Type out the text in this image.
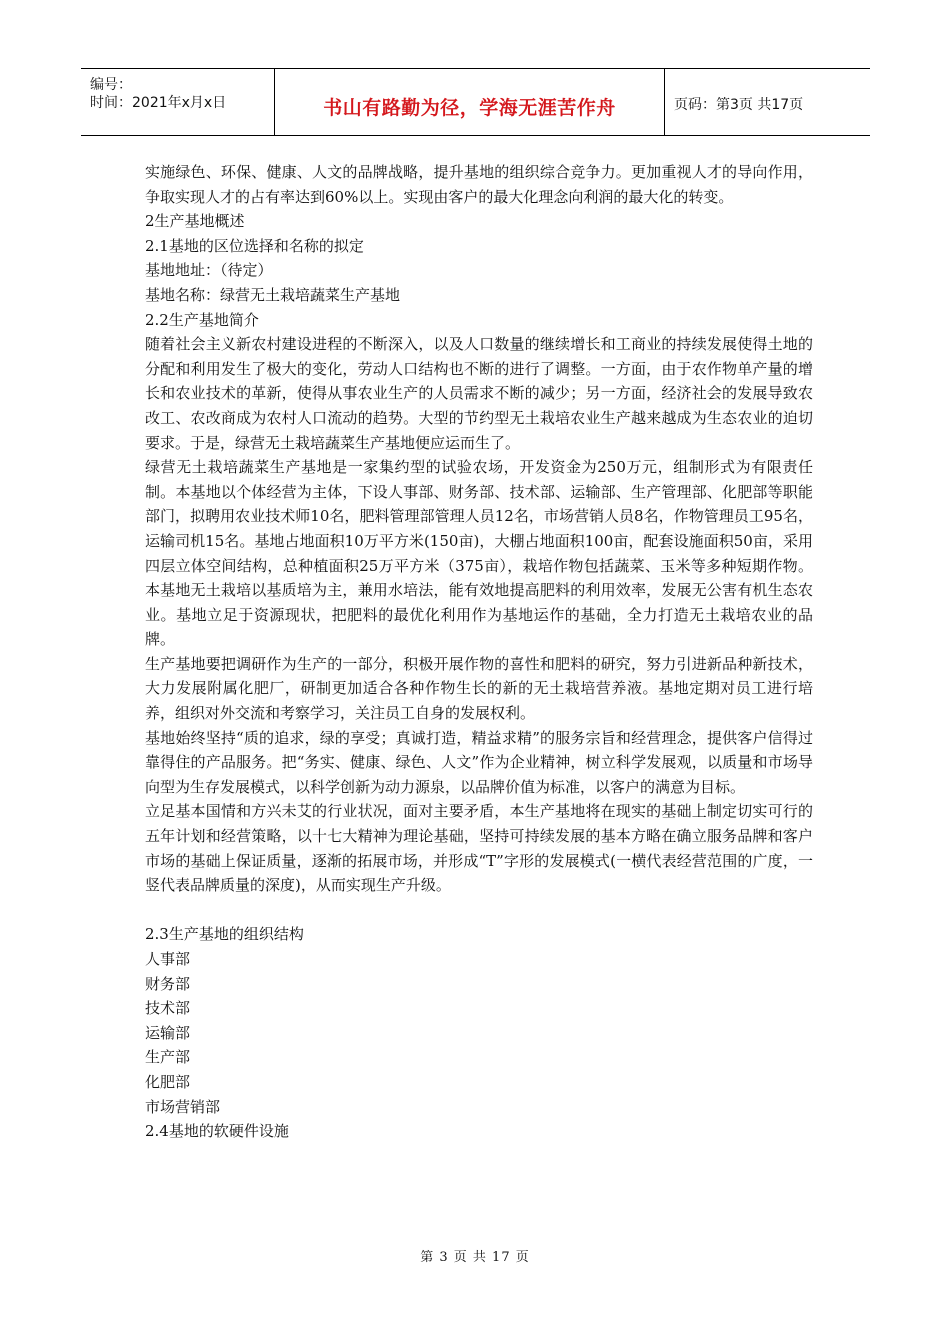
编号：
时间：2021年x月x日	书山有路勤为径，学海无涯苦作舟	页码：第3页 共17页

实施绿色、环保、健康、人文的品牌战略，提升基地的组织综合竞争力。更加重视人才的导向作用，争取实现人才的占有率达到60%以上。实现由客户的最大化理念向利润的最大化的转变。

2生产基地概述

2.1基地的区位选择和名称的拟定

基地地址：（待定）

基地名称：绿营无土栽培蔬菜生产基地

2.2生产基地简介

随着社会主义新农村建设进程的不断深入，以及人口数量的继续增长和工商业的持续发展使得土地的分配和利用发生了极大的变化，劳动人口结构也不断的进行了调整。一方面，由于农作物单产量的增长和农业技术的革新，使得从事农业生产的人员需求不断的减少；另一方面，经济社会的发展导致农改工、农改商成为农村人口流动的趋势。大型的节约型无土栽培农业生产越来越成为生态农业的迫切要求。于是，绿营无土栽培蔬菜生产基地便应运而生了。

绿营无土栽培蔬菜生产基地是一家集约型的试验农场，开发资金为250万元，组制形式为有限责任制。本基地以个体经营为主体，下设人事部、财务部、技术部、运输部、生产管理部、化肥部等职能部门，拟聘用农业技术师10名，肥料管理部管理人员12名，市场营销人员8名，作物管理员工95名，运输司机15名。基地占地面积10万平方米(150亩)，大棚占地面积100亩，配套设施面积50亩，采用四层立体空间结构，总种植面积25万平方米（375亩），栽培作物包括蔬菜、玉米等多种短期作物。本基地无土栽培以基质培为主，兼用水培法，能有效地提高肥料的利用效率，发展无公害有机生态农业。基地立足于资源现状，把肥料的最优化利用作为基地运作的基础，全力打造无土栽培农业的品牌。

生产基地要把调研作为生产的一部分，积极开展作物的喜性和肥料的研究，努力引进新品种新技术，大力发展附属化肥厂，研制更加适合各种作物生长的新的无土栽培营养液。基地定期对员工进行培养，组织对外交流和考察学习，关注员工自身的发展权利。

基地始终坚持“质的追求，绿的享受；真诚打造，精益求精”的服务宗旨和经营理念，提供客户信得过靠得住的产品服务。把“务实、健康、绿色、人文”作为企业精神，树立科学发展观，以质量和市场导向型为生存发展模式，以科学创新为动力源泉，以品牌价值为标准，以客户的满意为目标。

立足基本国情和方兴未艾的行业状况，面对主要矛盾，本生产基地将在现实的基础上制定切实可行的五年计划和经营策略，以十七大精神为理论基础，坚持可持续发展的基本方略在确立服务品牌和客户市场的基础上保证质量，逐渐的拓展市场，并形成“T”字形的发展模式(一横代表经营范围的广度，一竖代表品牌质量的深度)，从而实现生产升级。

2.3生产基地的组织结构

人事部

财务部

技术部

运输部

生产部

化肥部

市场营销部

2.4基地的软硬件设施

第 3 页 共 17 页
